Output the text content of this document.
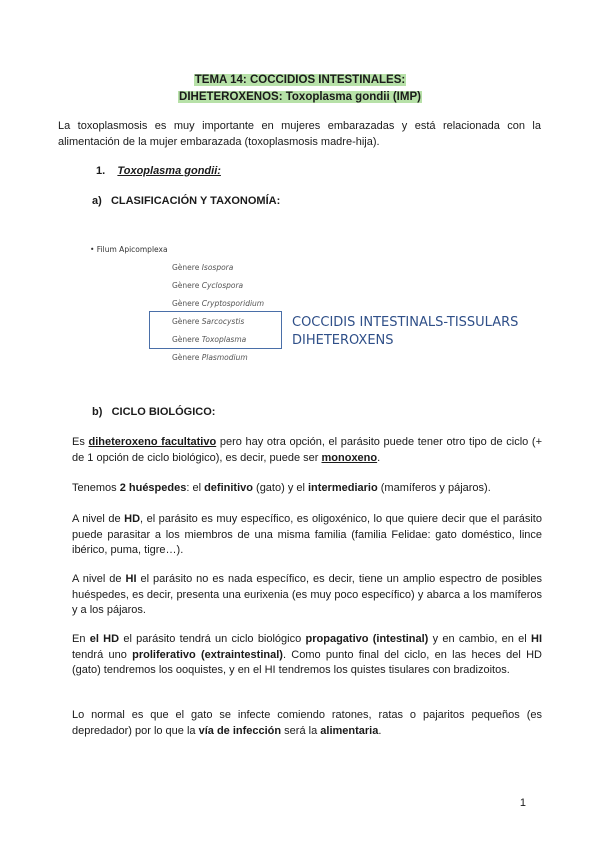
TEMA 14: COCCIDIOS INTESTINALES:
DIHETEROXENOS: Toxoplasma gondii (IMP)
La toxoplasmosis es muy importante en mujeres embarazadas y está relacionada con la alimentación de la mujer embarazada (toxoplasmosis madre-hija).
1. Toxoplasma gondii:
a) CLASIFICACIÓN Y TAXONOMÍA:
• Filum Apicomplexa
Gènere Isospora
Gènere Cyclospora
Gènere Cryptosporidium
Gènere Sarcocystis
Gènere Toxoplasma
Gènere Plasmodium
COCCIDIS INTESTINALS-TISSULARS
DIHETEROXENS
b) CICLO BIOLÓGICO:
Es diheteroxeno facultativo pero hay otra opción, el parásito puede tener otro tipo de ciclo (+ de 1 opción de ciclo biológico), es decir, puede ser monoxeno.
Tenemos 2 huéspedes: el definitivo (gato) y el intermediario (mamíferos y pájaros).
A nivel de HD, el parásito es muy específico, es oligoxénico, lo que quiere decir que el parásito puede parasitar a los miembros de una misma familia (familia Felidae: gato doméstico, lince ibérico, puma, tigre…).
A nivel de HI el parásito no es nada específico, es decir, tiene un amplio espectro de posibles huéspedes, es decir, presenta una eurixenia (es muy poco específico) y abarca a los mamíferos y a los pájaros.
En el HD el parásito tendrá un ciclo biológico propagativo (intestinal) y en cambio, en el HI tendrá uno proliferativo (extraintestinal). Como punto final del ciclo, en las heces del HD (gato) tendremos los ooquistes, y en el HI tendremos los quistes tisulares con bradizoitos.
Lo normal es que el gato se infecte comiendo ratones, ratas o pajaritos pequeños (es depredador) por lo que la vía de infección será la alimentaria.
1
